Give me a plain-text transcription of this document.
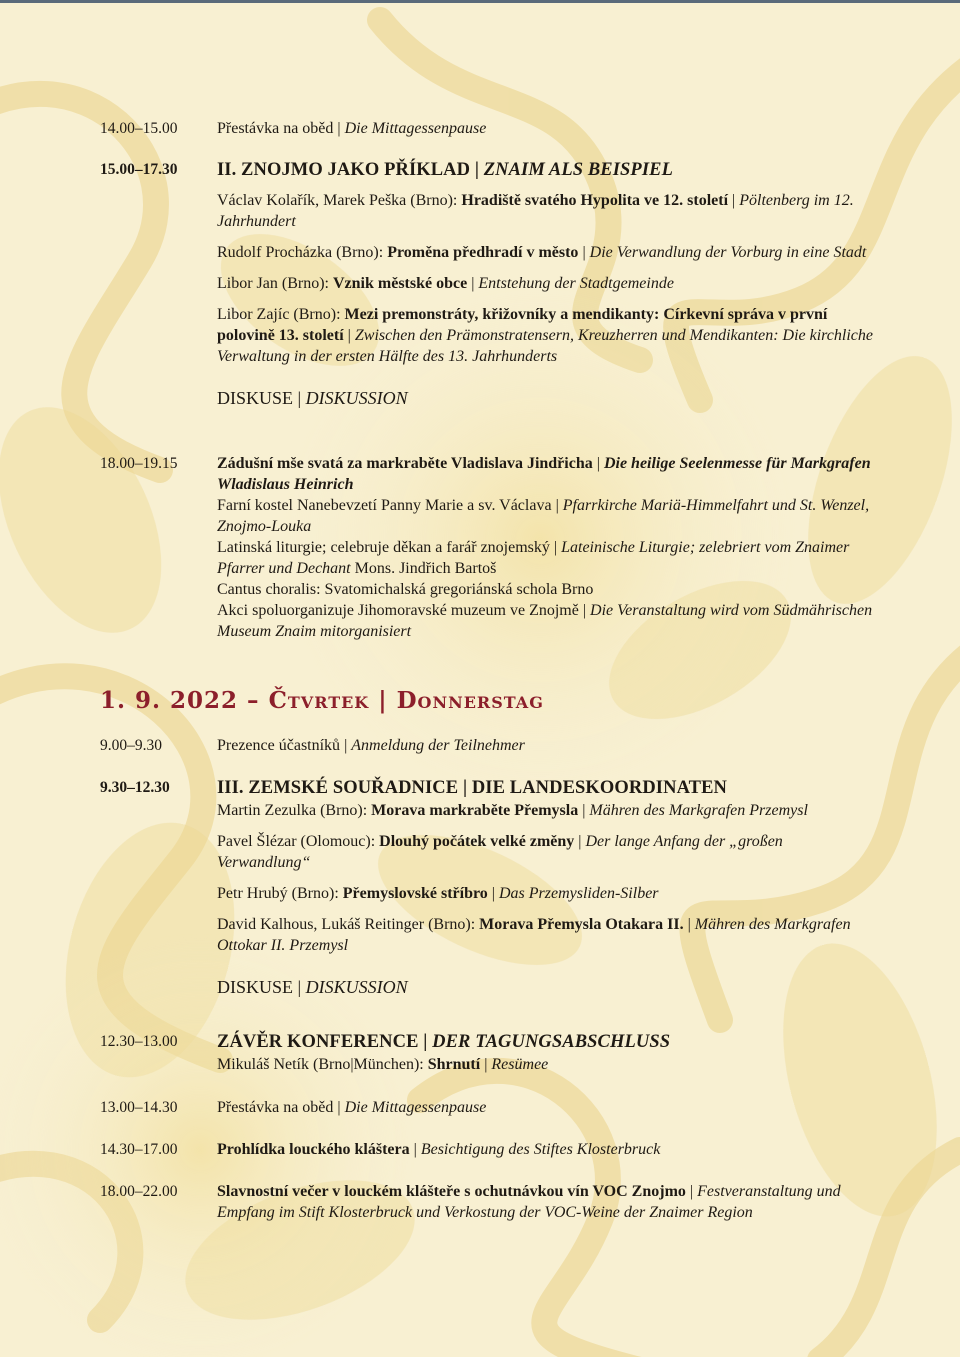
14.00–15.00 Přestávka na oběd | Die Mittagessenpause

15.00–17.30 II. ZNOJMO JAKO PŘÍKLAD | ZNAIM ALS BEISPIEL

Václav Kolařík, Marek Peška (Brno): Hradiště svatého Hypolita ve 12. století | Pöltenberg im 12. Jahrhundert

Rudolf Procházka (Brno): Proměna předhradí v město | Die Verwandlung der Vorburg in eine Stadt

Libor Jan (Brno): Vznik městské obce | Entstehung der Stadtgemeinde

Libor Zajíc (Brno): Mezi premonstráty, křižovníky a mendikanty: Církevní správa v první polovině 13. století | Zwischen den Prämonstratensern, Kreuzherren und Mendikanten: Die kirchliche Verwaltung in der ersten Hälfte des 13. Jahrhunderts

DISKUSE | DISKUSSION

18.00–19.15 Zádušní mše svatá za markraběte Vladislava Jindřicha | Die heilige Seelenmesse für Markgrafen Wladislaus Heinrich

Farní kostel Nanebevzetí Panny Marie a sv. Václava | Pfarrkirche Mariä-Himmelfahrt und St. Wenzel, Znojmo-Louka

Latinská liturgie; celebruje děkan a farář znojemský | Lateinische Liturgie; zelebriert vom Znaimer Pfarrer und Dechant Mons. Jindřich Bartoš

Cantus choralis: Svatomichalská gregoriánská schola Brno

Akci spoluorganizuje Jihomoravské muzeum ve Znojmě | Die Veranstaltung wird vom Südmährischen Museum Znaim mitorganisiert

1. 9. 2022 – Čtvrtek | Donnerstag
9.00–9.30	Prezence účastníků | Anmeldung der Teilnehmer

9.30–12.30	III. ZEMSKÉ SOUŘADNICE | DIE LANDESKOORDINATEN

Martin Zezulka (Brno): Morava markraběte Přemysla | Mähren des Markgrafen Przemysl

Pavel Šlézar (Olomouc): Dlouhý počátek velké změny | Der lange Anfang der „großen Verwandlung“

Petr Hrubý (Brno): Přemyslovské stříbro | Das Przemysliden-Silber

David Kalhous, Lukáš Reitinger (Brno): Morava Přemysla Otakara II. | Mähren des Markgrafen Ottokar II. Przemysl

DISKUSE | DISKUSSION

12.30–13.00 ZÁVĚR KONFERENCE | DER TAGUNGSABSCHLUSS

Mikuláš Netík (Brno|München): Shrnutí | Resümee

13.00–14.30 Přestávka na oběd | Die Mittagessenpause

14.30–17.00 Prohlídka louckého kláštera | Besichtigung des Stiftes Klosterbruck

18.00–22.00 Slavnostní večer v louckém klášteře s ochutnávkou vín VOC Znojmo | Festveranstaltung und Empfang im Stift Klosterbruck und Verkostung der VOC-Weine der Znaimer Region
